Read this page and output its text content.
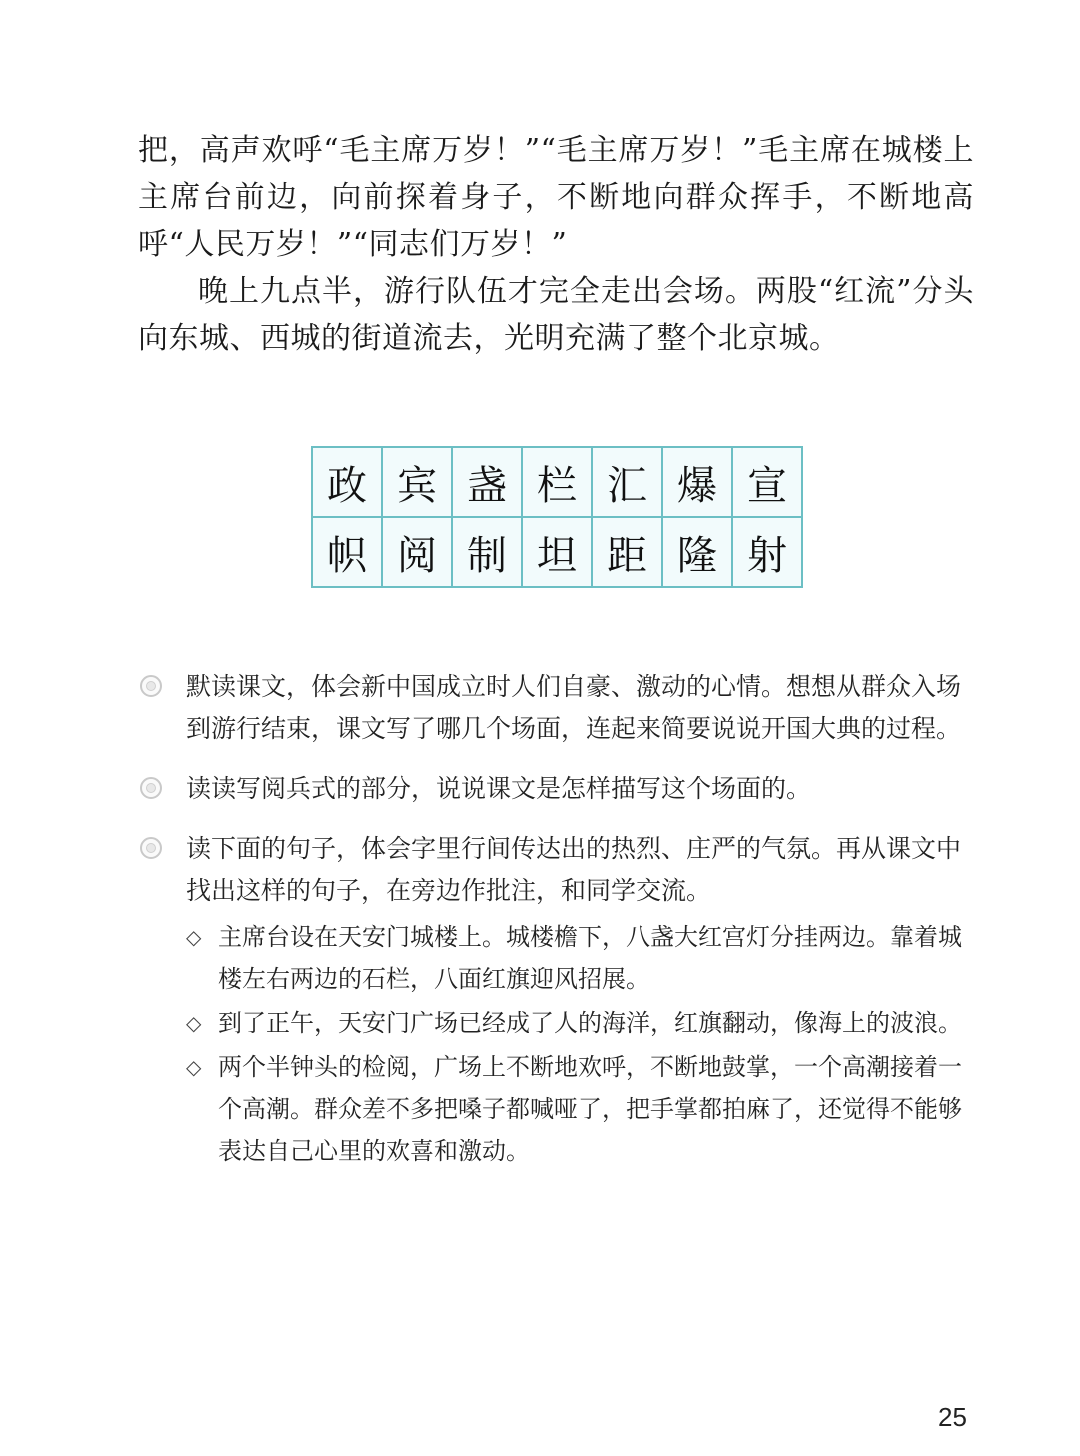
把，高声欢呼“毛主席万岁！”“毛主席万岁！”毛主席在城楼上主席台前边，向前探着身子，不断地向群众挥手，不断地高呼“人民万岁！”“同志们万岁！”

晚上九点半，游行队伍才完全走出会场。两股“红流”分头向东城、西城的街道流去，光明充满了整个北京城。

政	宾	盏	栏	汇	爆	宣
帜	阅	制	坦	距	隆	射
默读课文，体会新中国成立时人们自豪、激动的心情。想想从群众入场到游行结束，课文写了哪几个场面，连起来简要说说开国大典的过程。
读读写阅兵式的部分，说说课文是怎样描写这个场面的。
读下面的句子，体会字里行间传达出的热烈、庄严的气氛。再从课文中找出这样的句子，在旁边作批注，和同学交流。
◇ 主席台设在天安门城楼上。城楼檐下，八盏大红宫灯分挂两边。靠着城楼左右两边的石栏，八面红旗迎风招展。
◇ 到了正午，天安门广场已经成了人的海洋，红旗翻动，像海上的波浪。
◇ 两个半钟头的检阅，广场上不断地欢呼，不断地鼓掌，一个高潮接着一个高潮。群众差不多把嗓子都喊哑了，把手掌都拍麻了，还觉得不能够表达自己心里的欢喜和激动。
25
